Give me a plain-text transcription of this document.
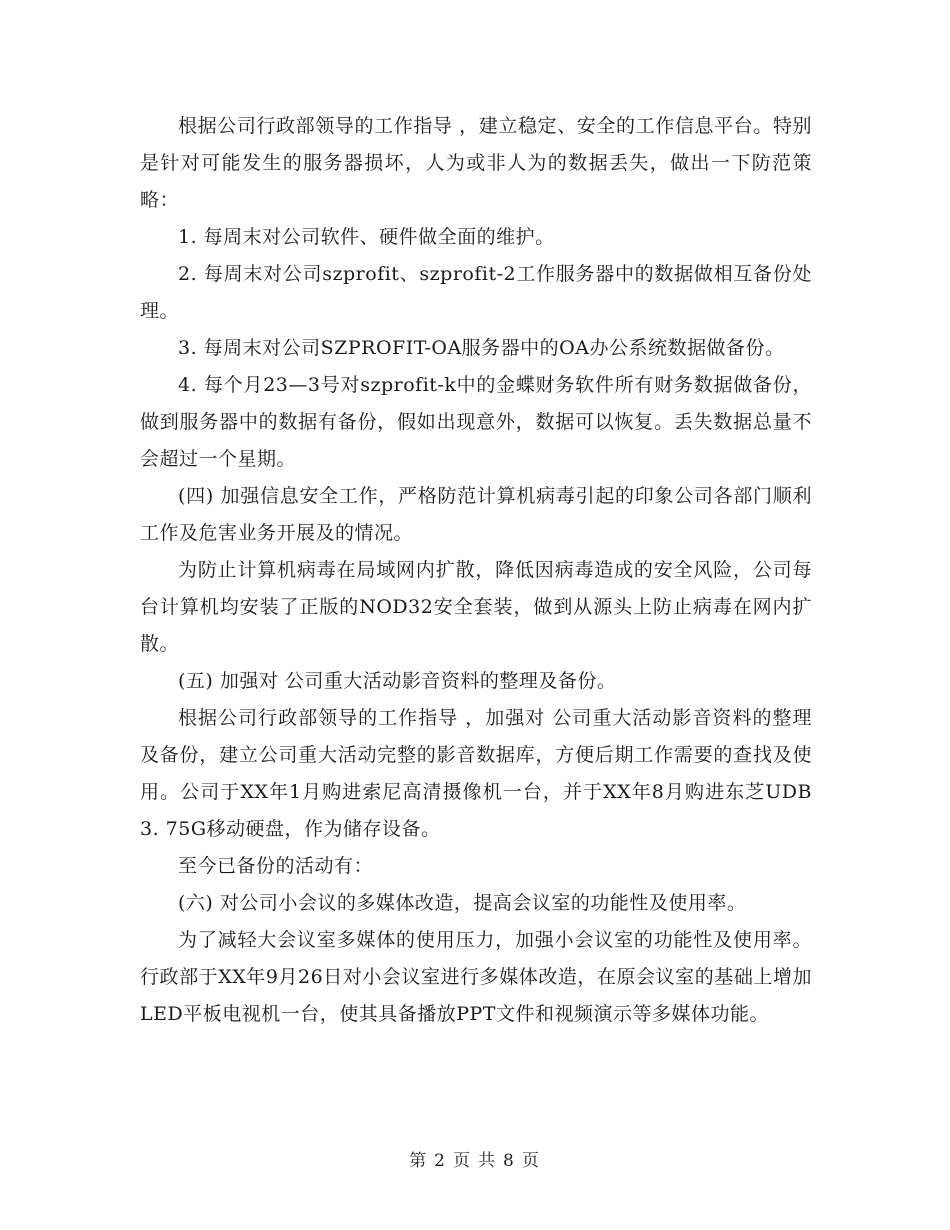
根据公司行政部领导的工作指导 ，建立稳定、安全的工作信息平台。特别是针对可能发生的服务器损坏，人为或非人为的数据丢失，做出一下防范策略：

1. 每周末对公司软件、硬件做全面的维护。

2. 每周末对公司szprofit、szprofit-2工作服务器中的数据做相互备份处理。

3. 每周末对公司SZPROFIT-OA服务器中的OA办公系统数据做备份。

4. 每个月23—3号对szprofit-k中的金蝶财务软件所有财务数据做备份，做到服务器中的数据有备份，假如出现意外，数据可以恢复。丢失数据总量不会超过一个星期。

(四) 加强信息安全工作，严格防范计算机病毒引起的印象公司各部门顺利工作及危害业务开展及的情况。

为防止计算机病毒在局域网内扩散，降低因病毒造成的安全风险，公司每台计算机均安装了正版的NOD32安全套装，做到从源头上防止病毒在网内扩散。

(五) 加强对 公司重大活动影音资料的整理及备份。

根据公司行政部领导的工作指导 ，加强对 公司重大活动影音资料的整理及备份，建立公司重大活动完整的影音数据库，方便后期工作需要的查找及使用。公司于XX年1月购进索尼高清摄像机一台，并于XX年8月购进东芝UDB3. 75G移动硬盘，作为储存设备。

至今已备份的活动有：

(六) 对公司小会议的多媒体改造，提高会议室的功能性及使用率。

为了减轻大会议室多媒体的使用压力，加强小会议室的功能性及使用率。行政部于XX年9月26日对小会议室进行多媒体改造，在原会议室的基础上增加LED平板电视机一台，使其具备播放PPT文件和视频演示等多媒体功能。

第 2 页 共 8 页
